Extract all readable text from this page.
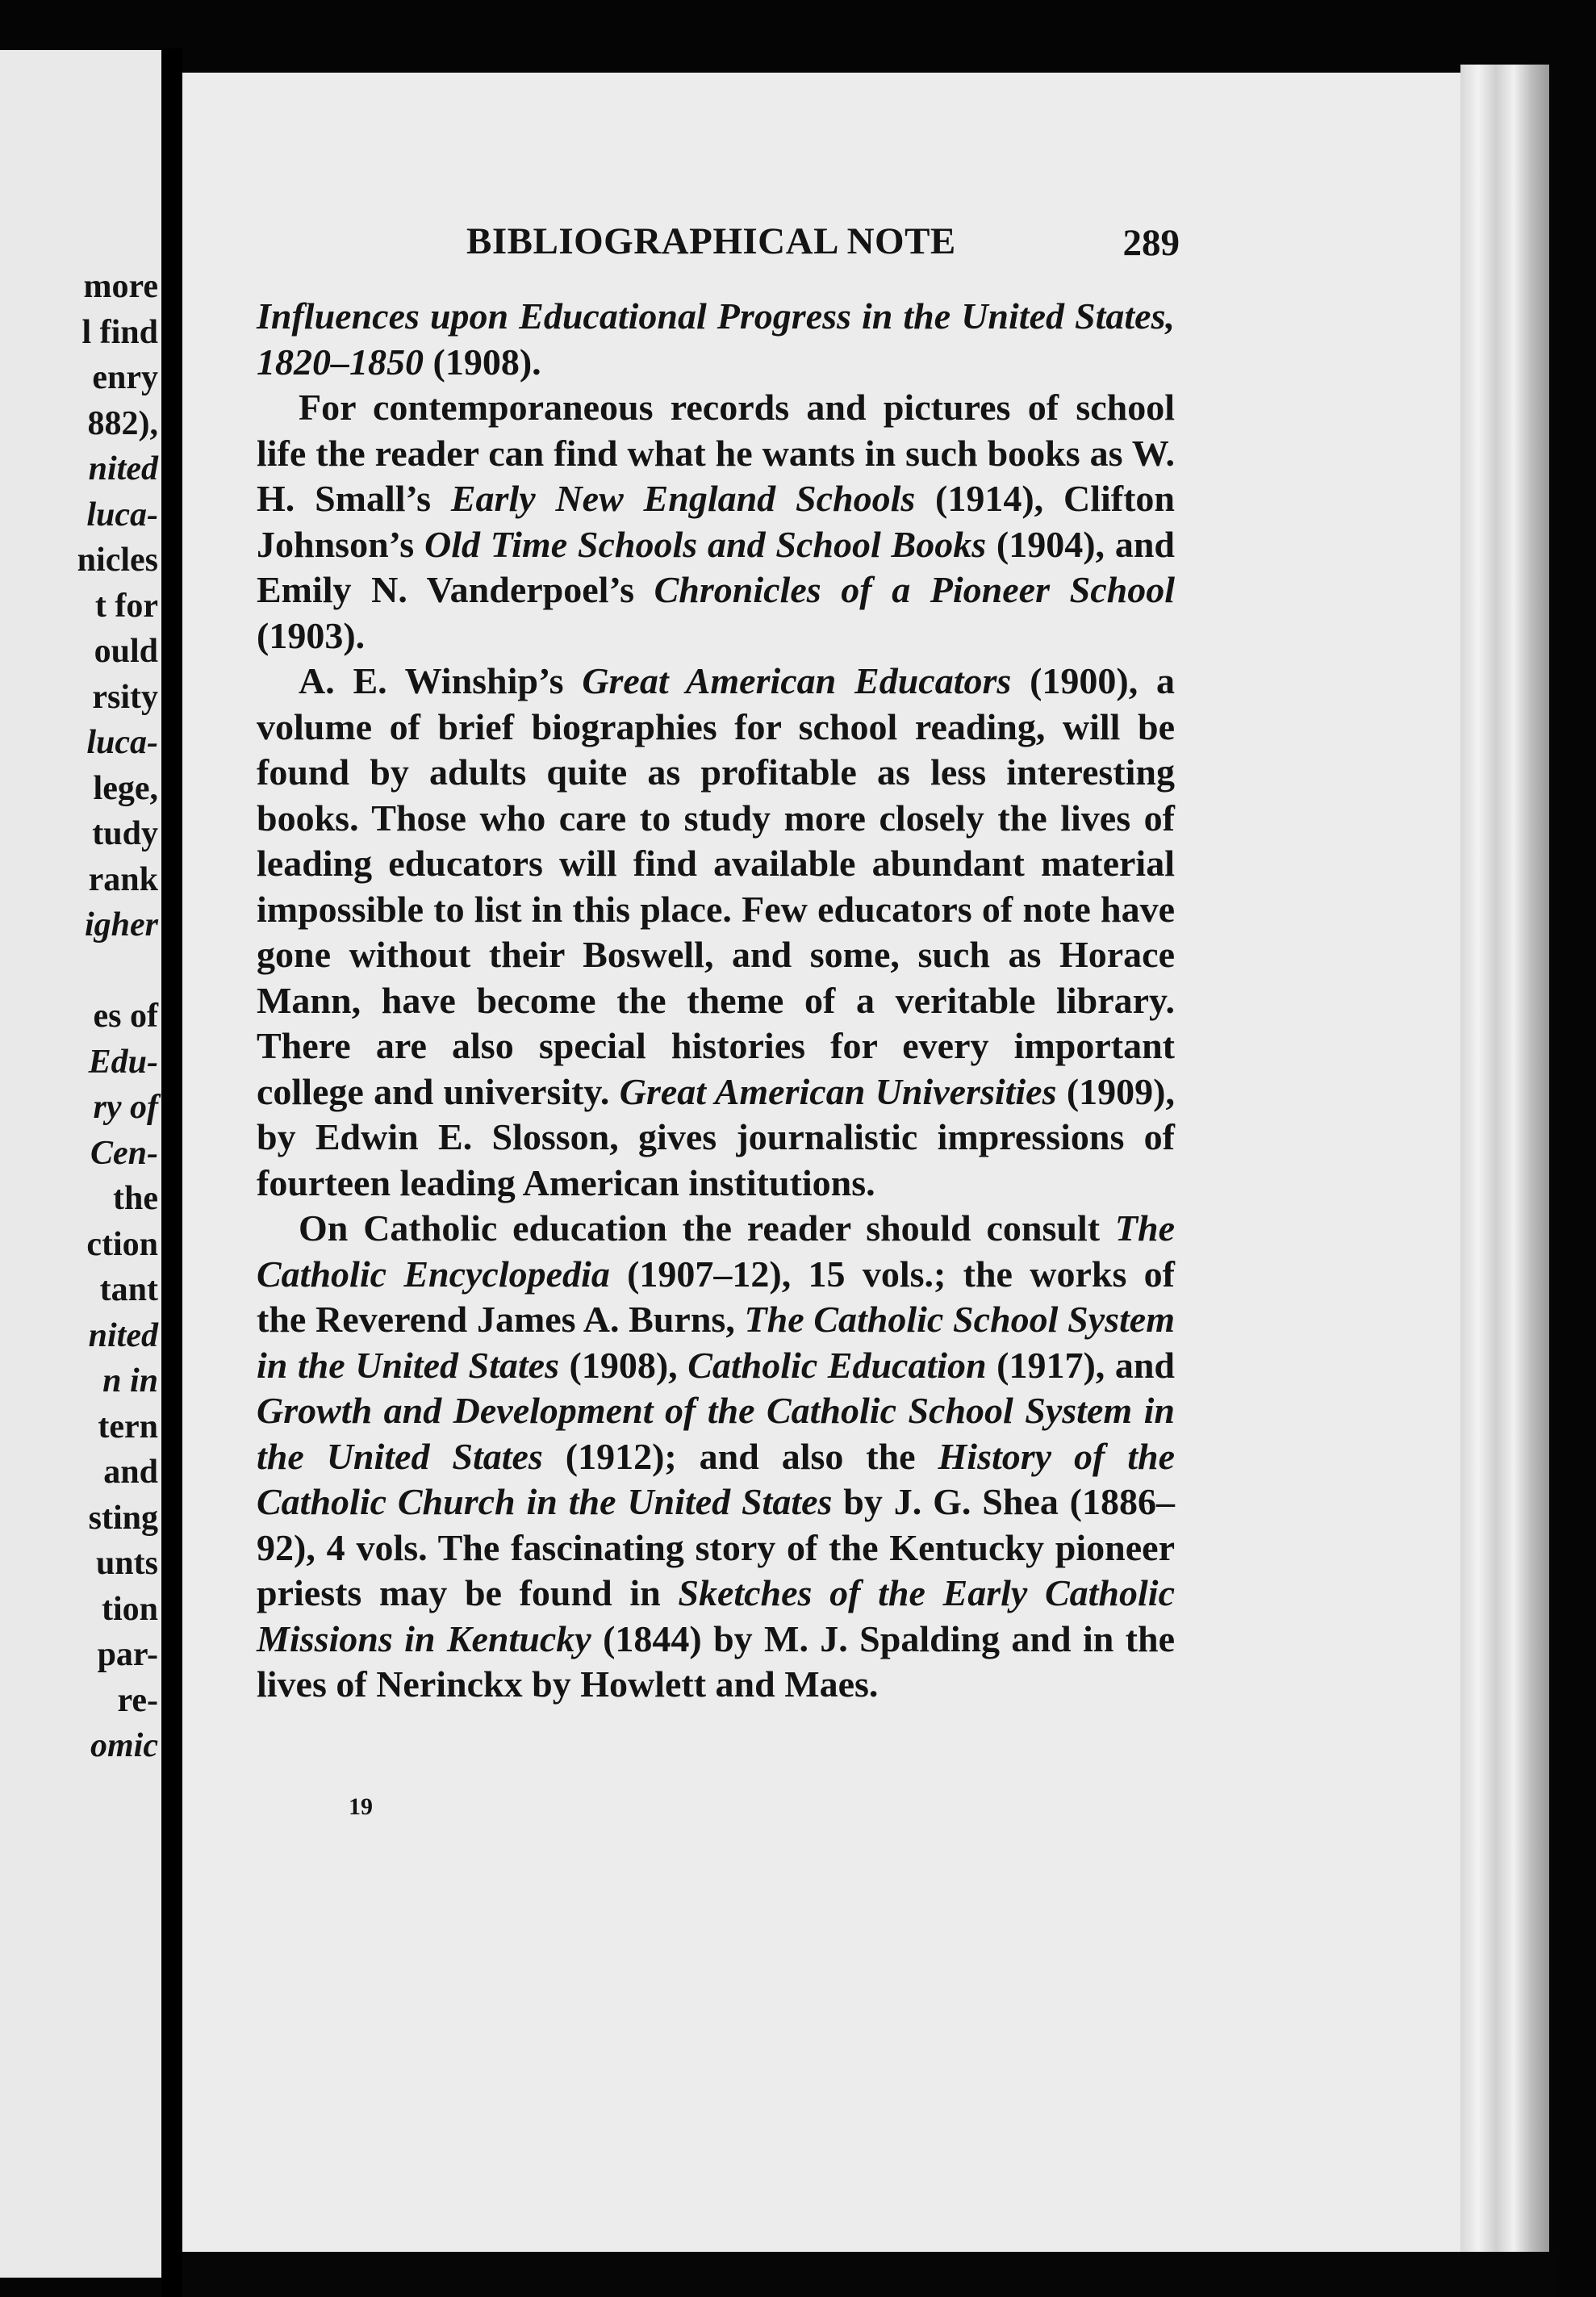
more
l find
enry
882),
nited
luca-
nicles
t for
ould
rsity
luca-
lege,
tudy
rank
igher

es of
Edu-
ry of
Cen-
the
ction
tant
nited
n in
tern
and
sting
unts
tion
par-
re-
omic
BIBLIOGRAPHICAL NOTE	289

Influences upon Educational Progress in the United States, 1820–1850 (1908).

For contemporaneous records and pictures of school life the reader can find what he wants in such books as W. H. Small’s Early New England Schools (1914), Clifton Johnson’s Old Time Schools and School Books (1904), and Emily N. Vanderpoel’s Chronicles of a Pioneer School (1903).

A. E. Winship’s Great American Educators (1900), a volume of brief biographies for school reading, will be found by adults quite as profitable as less interesting books. Those who care to study more closely the lives of leading educators will find available abundant material impossible to list in this place. Few educators of note have gone without their Boswell, and some, such as Horace Mann, have become the theme of a veritable library. There are also special histories for every important college and university. Great American Universities (1909), by Edwin E. Slosson, gives journalistic impressions of fourteen leading American institutions.

On Catholic education the reader should consult The Catholic Encyclopedia (1907–12), 15 vols.; the works of the Reverend James A. Burns, The Catholic School System in the United States (1908), Catholic Education (1917), and Growth and Development of the Catholic School System in the United States (1912); and also the History of the Catholic Church in the United States by J. G. Shea (1886–92), 4 vols. The fascinating story of the Kentucky pioneer priests may be found in Sketches of the Early Catholic Missions in Kentucky (1844) by M. J. Spalding and in the lives of Nerinckx by Howlett and Maes.

19
